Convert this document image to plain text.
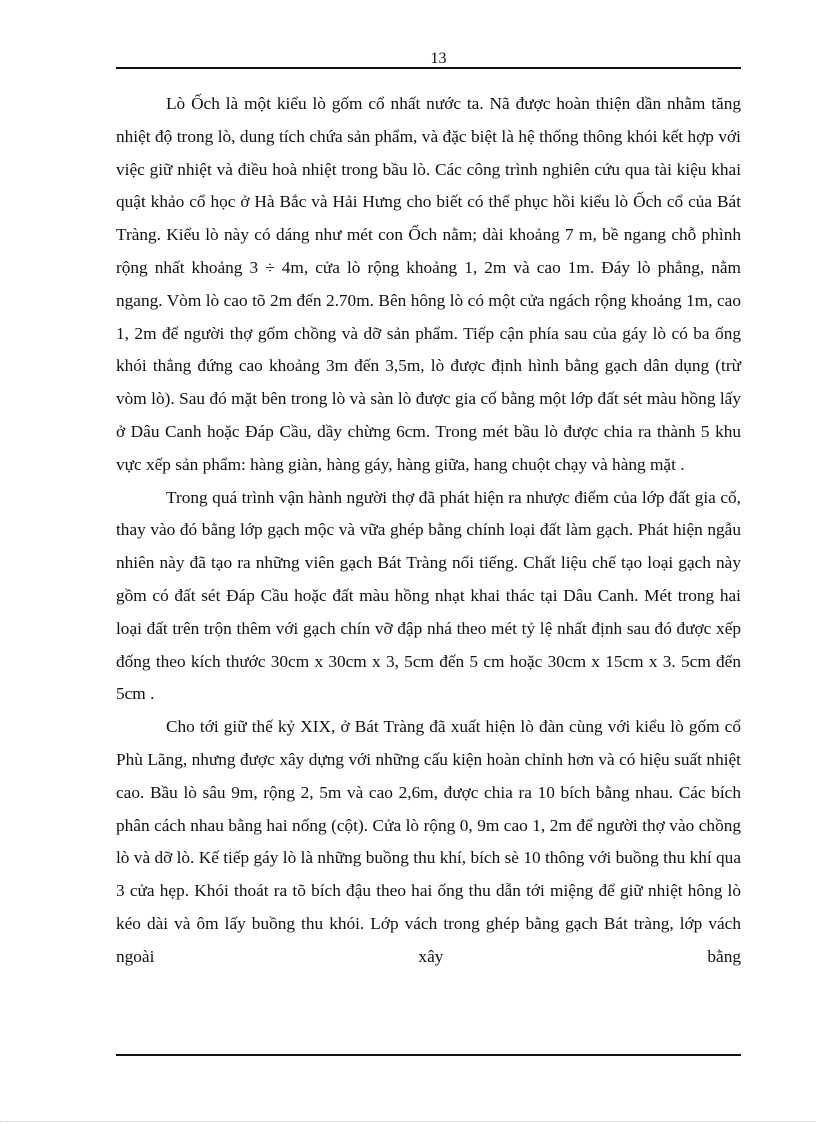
13

Lò Ốch là một kiểu lò gốm cổ nhất nước ta. Nã được hoàn thiện dần nhằm tăng nhiệt độ trong lò, dung tích chứa sản phẩm, và đặc biệt là hệ thống thông khói kết hợp với việc giữ nhiệt và điều hoà nhiệt trong bầu lò. Các công trình nghiên cứu qua tài kiệu khai quật khảo cổ học ở Hà Bắc và Hải Hưng cho biết có thể phục hồi kiểu lò Ốch cổ của Bát Tràng. Kiểu lò này có dáng như mét con Ốch nằm; dài khoảng 7 m, bề ngang chỗ phình rộng nhất khoảng 3 ÷ 4m, cửa lò rộng khoảng 1, 2m và cao 1m. Đáy lò phẳng, nằm ngang. Vòm lò cao tõ 2m đến 2.70m. Bên hông lò có một cửa ngách rộng khoảng 1m, cao 1, 2m để người thợ gốm chồng và dỡ sản phẩm. Tiếp cận phía sau của gáy lò có ba ống khói thẳng đứng cao khoảng 3m đến 3,5m, lò được định hình bằng gạch dân dụng (trừ vòm lò). Sau đó mặt bên trong lò và sàn lò được gia cố bằng một lớp đất sét màu hồng lấy ở Dâu Canh hoặc Đáp Cầu, dầy chừng 6cm. Trong mét bầu lò được chia ra thành 5 khu vực xếp sản phẩm: hàng giàn, hàng gáy, hàng giữa, hang chuột chạy và hàng mặt .

Trong quá trình vận hành người thợ đã phát hiện ra nhược điểm của lớp đất gia cố, thay vào đó bằng lớp gạch mộc và vữa ghép bằng chính loại đất làm gạch. Phát hiện ngẫu nhiên này đã tạo ra những viên gạch Bát Tràng nổi tiếng. Chất liệu chế tạo loại gạch này gồm có đất sét Đáp Cầu hoặc đất màu hồng nhạt khai thác tại Dâu Canh. Mét trong hai loại đất trên trộn thêm với gạch chín vỡ đập nhá theo mét tỷ lệ nhất định sau đó được xếp đống theo kích thước 30cm x 30cm x 3, 5cm đến 5 cm hoặc 30cm x 15cm x 3. 5cm đến 5cm .

Cho tới giữ thế kỷ XIX, ở Bát Tràng đã xuất hiện lò đàn cùng với kiểu lò gốm cổ Phù Lãng, nhưng được xây dựng với những cấu kiện hoàn chỉnh hơn và có hiệu suất nhiệt cao. Bầu lò sâu 9m, rộng 2, 5m và cao 2,6m, được chia ra 10 bích bằng nhau. Các bích phân cách nhau bằng hai nống (cột). Cửa lò rộng 0, 9m cao 1, 2m để người thợ vào chồng lò và dỡ lò. Kế tiếp gáy lò là những buồng thu khí, bích sè 10 thông với buồng thu khí qua 3 cửa hẹp. Khói thoát ra tõ bích đậu theo hai ống thu dẫn tới miệng để giữ nhiệt hông lò kéo dài và ôm lấy buồng thu khói. Lớp vách trong ghép bằng gạch Bát tràng, lớp vách ngoài xây bằng
